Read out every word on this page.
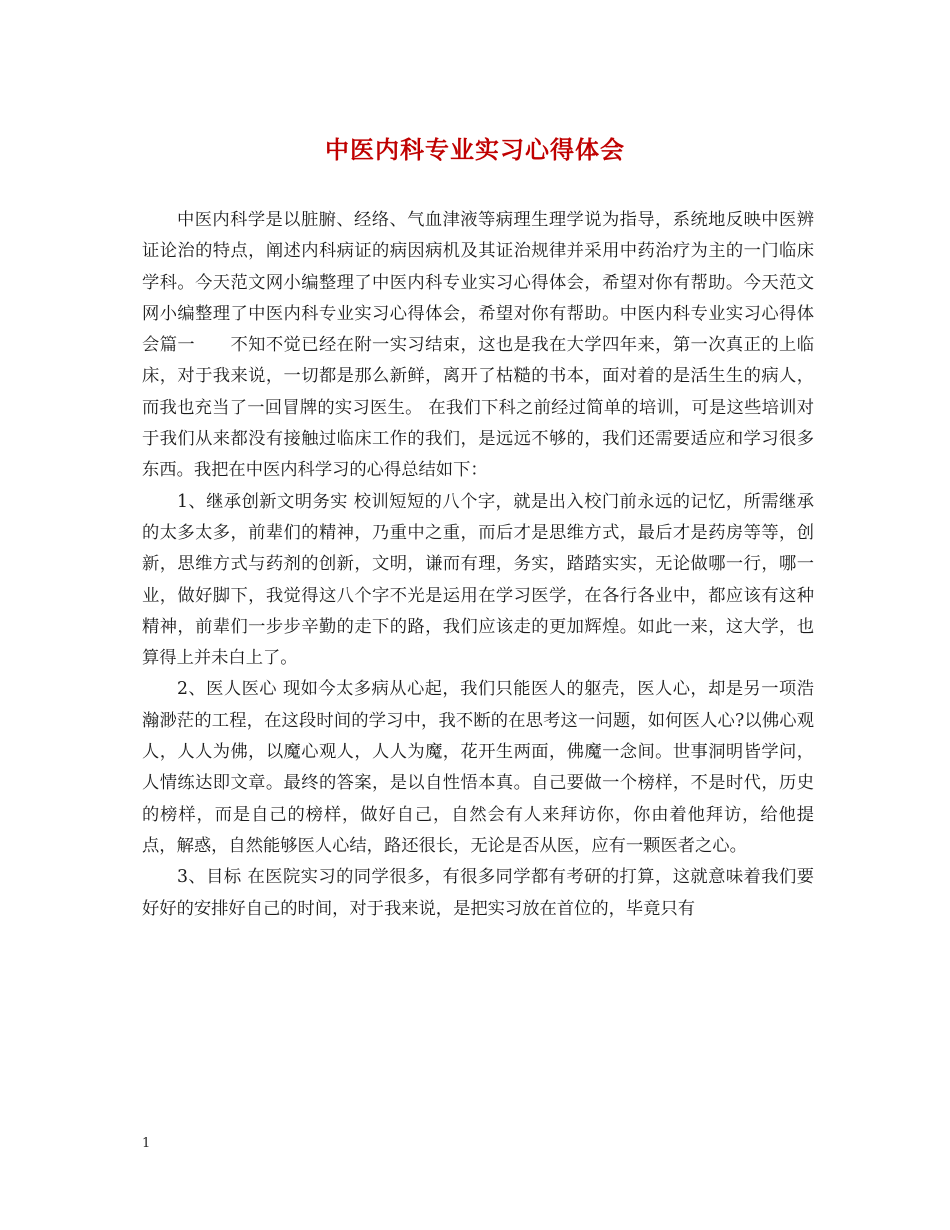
中医内科专业实习心得体会

中医内科学是以脏腑、经络、气血津液等病理生理学说为指导，系统地反映中医辨证论治的特点，阐述内科病证的病因病机及其证治规律并采用中药治疗为主的一门临床学科。今天范文网小编整理了中医内科专业实习心得体会，希望对你有帮助。今天范文网小编整理了中医内科专业实习心得体会，希望对你有帮助。中医内科专业实习心得体会篇一　　不知不觉已经在附一实习结束，这也是我在大学四年来，第一次真正的上临床，对于我来说，一切都是那么新鲜，离开了枯糙的书本，面对着的是活生生的病人，而我也充当了一回冒牌的实习医生。 在我们下科之前经过简单的培训，可是这些培训对于我们从来都没有接触过临床工作的我们，是远远不够的，我们还需要适应和学习很多东西。我把在中医内科学习的心得总结如下：

1、继承创新文明务实 校训短短的八个字，就是出入校门前永远的记忆，所需继承的太多太多，前辈们的精神，乃重中之重，而后才是思维方式，最后才是药房等等，创新，思维方式与药剂的创新，文明，谦而有理，务实，踏踏实实，无论做哪一行，哪一业，做好脚下，我觉得这八个字不光是运用在学习医学，在各行各业中，都应该有这种精神，前辈们一步步辛勤的走下的路，我们应该走的更加辉煌。如此一来，这大学，也算得上并未白上了。

2、医人医心 现如今太多病从心起，我们只能医人的躯壳，医人心，却是另一项浩瀚渺茫的工程，在这段时间的学习中，我不断的在思考这一问题，如何医人心?以佛心观人，人人为佛，以魔心观人，人人为魔，花开生两面，佛魔一念间。世事洞明皆学问，人情练达即文章。最终的答案，是以自性悟本真。自己要做一个榜样，不是时代，历史的榜样，而是自己的榜样，做好自己，自然会有人来拜访你，你由着他拜访，给他提点，解惑，自然能够医人心结，路还很长，无论是否从医，应有一颗医者之心。

3、目标 在医院实习的同学很多，有很多同学都有考研的打算，这就意味着我们要好好的安排好自己的时间，对于我来说，是把实习放在首位的，毕竟只有

1
